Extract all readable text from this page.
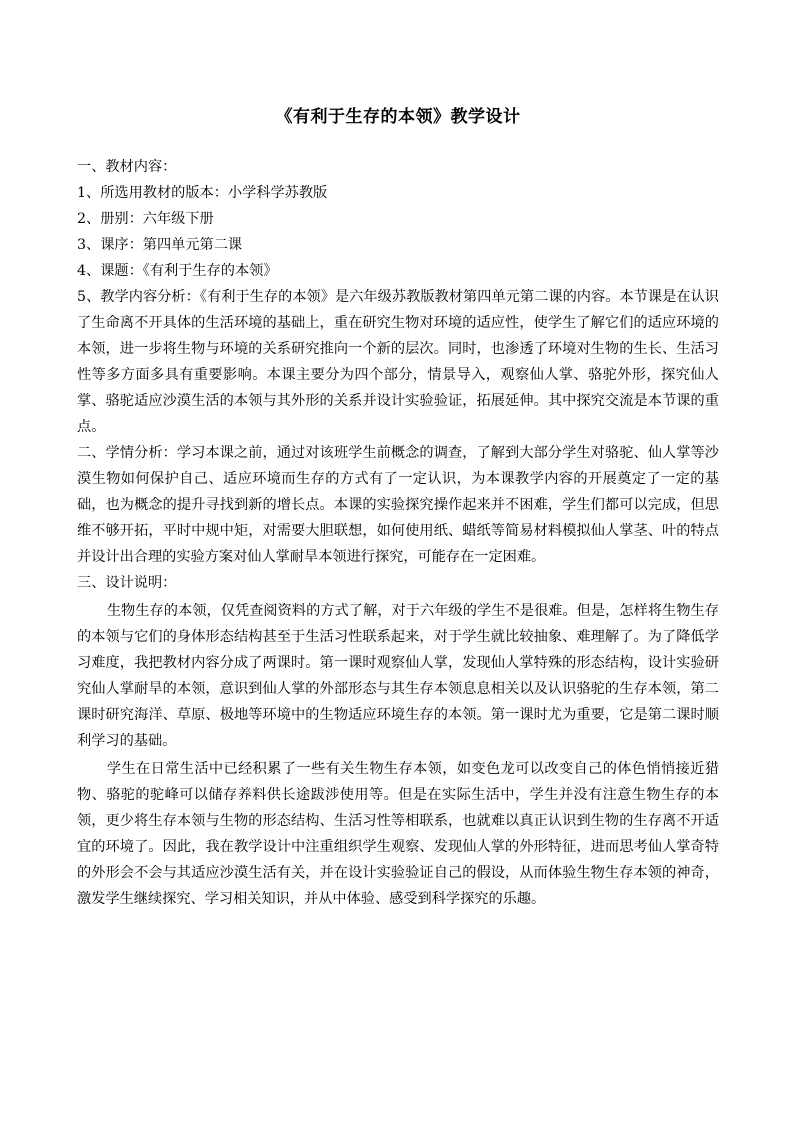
《有利于生存的本领》教学设计

一、教材内容：

1、所选用教材的版本：小学科学苏教版

2、册别：六年级下册

3、课序：第四单元第二课

4、课题：《有利于生存的本领》

5、教学内容分析：《有利于生存的本领》是六年级苏教版教材第四单元第二课的内容。本节课是在认识了生命离不开具体的生活环境的基础上，重在研究生物对环境的适应性，使学生了解它们的适应环境的本领，进一步将生物与环境的关系研究推向一个新的层次。同时，也渗透了环境对生物的生长、生活习性等多方面多具有重要影响。本课主要分为四个部分，情景导入，观察仙人掌、骆驼外形，探究仙人掌、骆驼适应沙漠生活的本领与其外形的关系并设计实验验证，拓展延伸。其中探究交流是本节课的重点。

二、学情分析：学习本课之前，通过对该班学生前概念的调查，了解到大部分学生对骆驼、仙人掌等沙漠生物如何保护自己、适应环境而生存的方式有了一定认识，为本课教学内容的开展奠定了一定的基础，也为概念的提升寻找到新的增长点。本课的实验探究操作起来并不困难，学生们都可以完成，但思维不够开拓，平时中规中矩，对需要大胆联想，如何使用纸、蜡纸等简易材料模拟仙人掌茎、叶的特点并设计出合理的实验方案对仙人掌耐旱本领进行探究，可能存在一定困难。

三、设计说明：

生物生存的本领，仅凭查阅资料的方式了解，对于六年级的学生不是很难。但是，怎样将生物生存的本领与它们的身体形态结构甚至于生活习性联系起来，对于学生就比较抽象、难理解了。为了降低学习难度，我把教材内容分成了两课时。第一课时观察仙人掌，发现仙人掌特殊的形态结构，设计实验研究仙人掌耐旱的本领，意识到仙人掌的外部形态与其生存本领息息相关以及认识骆驼的生存本领，第二课时研究海洋、草原、极地等环境中的生物适应环境生存的本领。第一课时尤为重要，它是第二课时顺利学习的基础。

学生在日常生活中已经积累了一些有关生物生存本领，如变色龙可以改变自己的体色悄悄接近猎物、骆驼的驼峰可以储存养料供长途跋涉使用等。但是在实际生活中，学生并没有注意生物生存的本领，更少将生存本领与生物的形态结构、生活习性等相联系，也就难以真正认识到生物的生存离不开适宜的环境了。因此，我在教学设计中注重组织学生观察、发现仙人掌的外形特征，进而思考仙人掌奇特的外形会不会与其适应沙漠生活有关，并在设计实验验证自己的假设，从而体验生物生存本领的神奇，激发学生继续探究、学习相关知识，并从中体验、感受到科学探究的乐趣。
